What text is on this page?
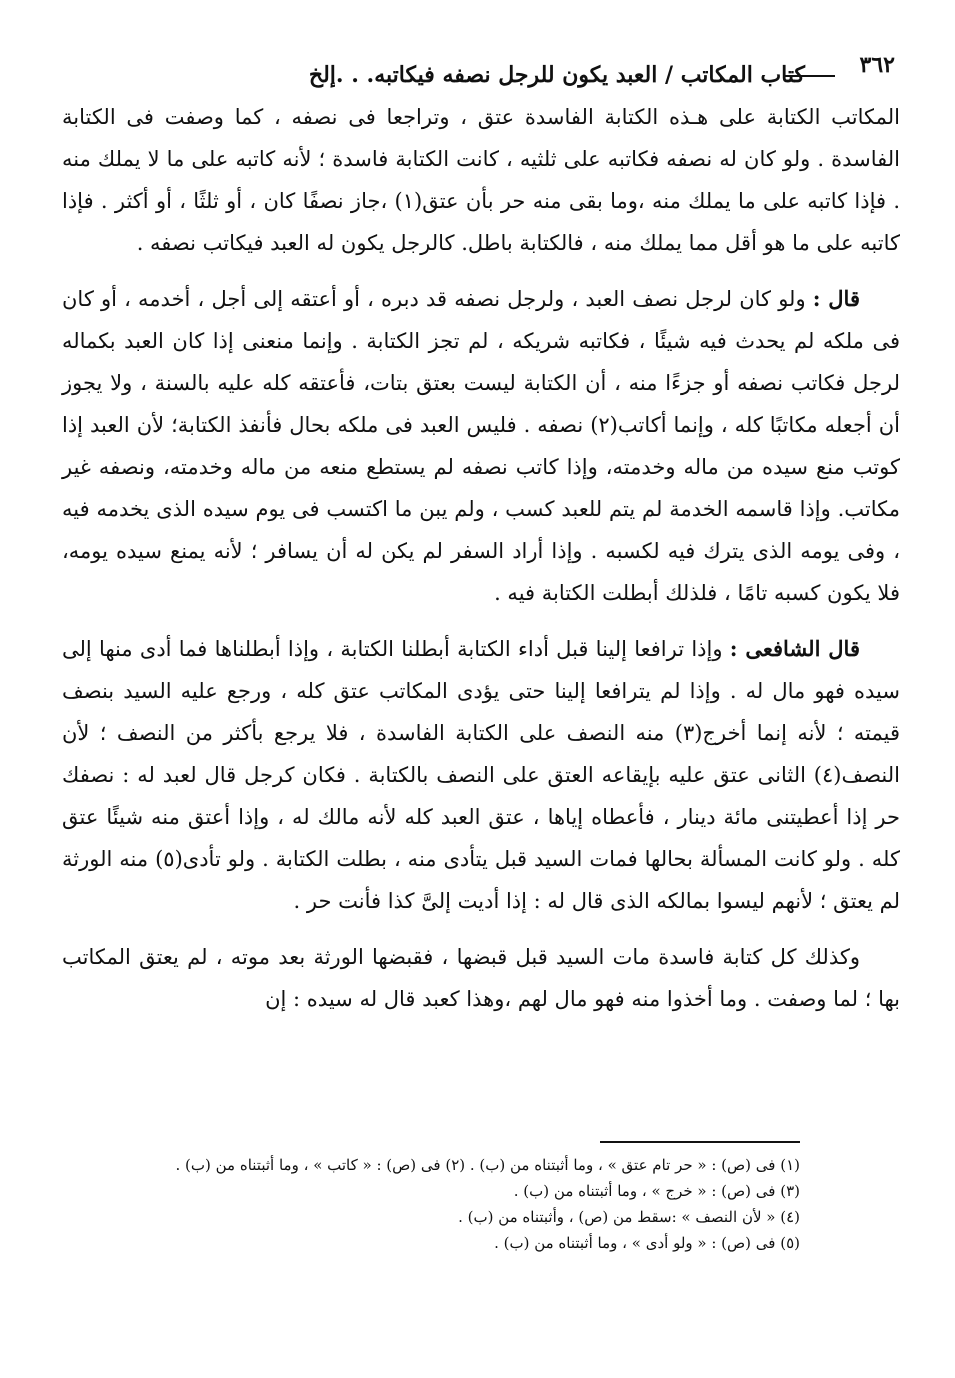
٣٦٢
كتاب المكاتب / العبد يكون للرجل نصفه فيكاتبه. . .إلخ

المكاتب الكتابة على هـذه الكتابة الفاسدة عتق ، وتراجعا فى نصفه ، كما وصفت فى الكتابة الفاسدة . ولو كان له نصفه فكاتبه على ثلثيه ، كانت الكتابة فاسدة ؛ لأنه كاتبه على ما لا يملك منه . فإذا كاتبه على ما يملك منه ،وما بقى منه حر بأن عتق(١) ،جاز نصفًا كان ، أو ثلثًا ، أو أكثر . فإذا كاتبه على ما هو أقل مما يملك منه ، فالكتابة باطل. كالرجل يكون له العبد فيكاتب نصفه .

قال : ولو كان لرجل نصف العبد ، ولرجل نصفه قد دبره ، أو أعتقه إلى أجل ، أخدمه ، أو كان فى ملكه لم يحدث فيه شيئًا ، فكاتبه شريكه ، لم تجز الكتابة . وإنما منعنى إذا كان العبد بكماله لرجل فكاتب نصفه أو جزءًا منه ، أن الكتابة ليست بعتق بتات، فأعتقه كله عليه بالسنة ، ولا يجوز أن أجعله مكاتبًا كله ، وإنما أكاتب(٢) نصفه . فليس العبد فى ملكه بحال فأنفذ الكتابة؛ لأن العبد إذا كوتب منع سيده من ماله وخدمته، وإذا كاتب نصفه لم يستطع منعه من ماله وخدمته، ونصفه غير مكاتب. وإذا قاسمه الخدمة لم يتم للعبد كسب ، ولم يبن ما اكتسب فى يوم سيده الذى يخدمه فيه ، وفى يومه الذى يترك فيه لكسبه . وإذا أراد السفر لم يكن له أن يسافر ؛ لأنه يمنع سيده يومه، فلا يكون كسبه تامًا ، فلذلك أبطلت الكتابة فيه .

قال الشافعى : وإذا ترافعا إلينا قبل أداء الكتابة أبطلنا الكتابة ، وإذا أبطلناها فما أدى منها إلى سيده فهو مال له . وإذا لم يترافعا إلينا حتى يؤدى المكاتب عتق كله ، ورجع عليه السيد بنصف قيمته ؛ لأنه إنما أخرج(٣) منه النصف على الكتابة الفاسدة ، فلا يرجع بأكثر من النصف ؛ لأن النصف(٤) الثانى عتق عليه بإيقاعه العتق على النصف بالكتابة . فكان كرجل قال لعبد له : نصفك حر إذا أعطيتنى مائة دينار ، فأعطاه إياها ، عتق العبد كله لأنه مالك له ، وإذا أعتق منه شيئًا عتق كله . ولو كانت المسألة بحالها فمات السيد قبل يتأدى منه ، بطلت الكتابة . ولو تأدى(٥) منه الورثة لم يعتق ؛ لأنهم ليسوا بمالكه الذى قال له : إذا أديت إلىَّ كذا فأنت حر .

وكذلك كل كتابة فاسدة مات السيد قبل قبضها ، فقبضها الورثة بعد موته ، لم يعتق المكاتب بها ؛ لما وصفت . وما أخذوا منه فهو مال لهم ،وهذا كعبد قال له سيده : إن

(١) فى (ص) : « حر تام عتق » ، وما أثبتناه من (ب) . (٢) فى (ص) : « كاتب » ، وما أثبتناه من (ب) .
(٣) فى (ص) : « خرج » ، وما أثبتناه من (ب) .
(٤) « لأن النصف » :سقط من (ص) ، وأثبتناه من (ب) .
(٥) فى (ص) : « ولو أدى » ، وما أثبتناه من (ب) .
